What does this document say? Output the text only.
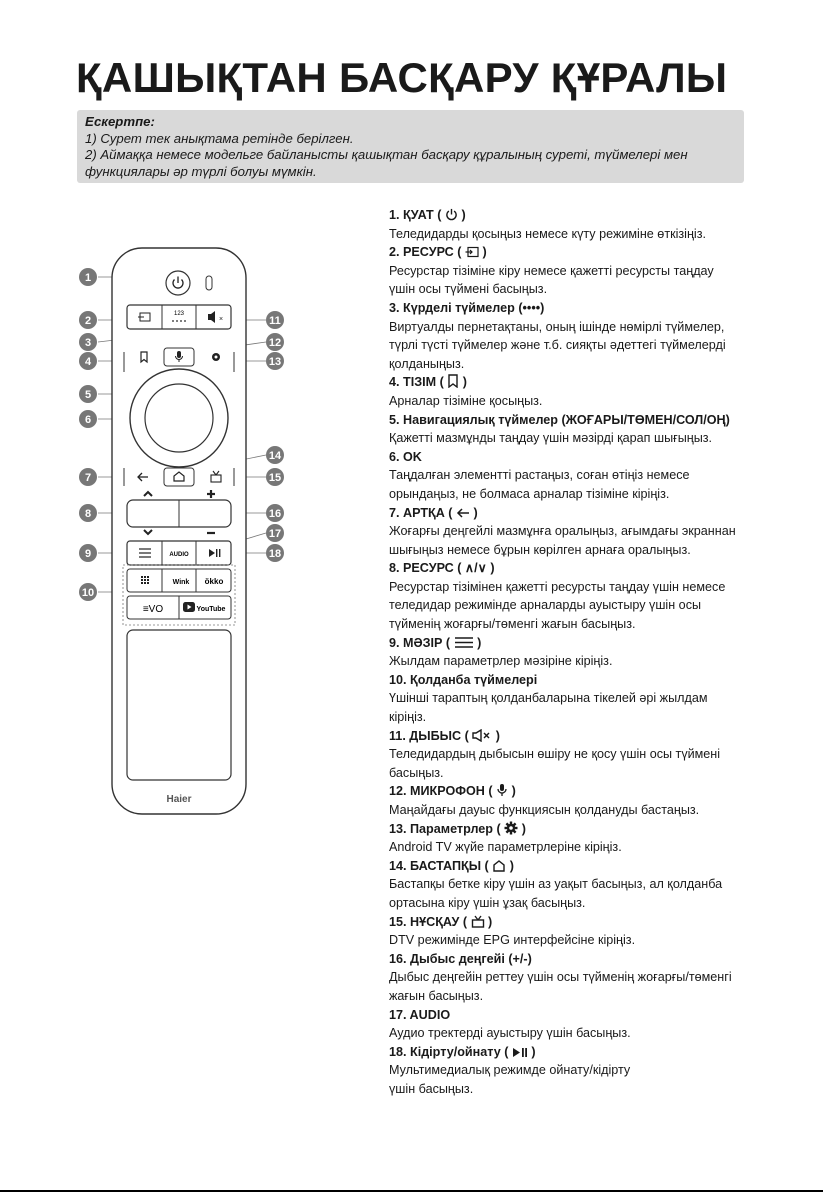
ҚАШЫҚТАН БАСҚАРУ ҚҰРАЛЫ
Ескертпе:
1) Сурет тек анықтама ретінде берілген.
2) Аймаққа немесе модельге байланысты қашықтан басқару құралының суреті, түймелері мен
функциялары әр түрлі болуы мүмкін.
123
×
AUDIO
Wink ökko
≡VO	YouTube
Haier
1
2
3
4
5
6
7
8
9
10
11
12
13
14
15
16
17
18
1. ҚУАТ ( )
Теледидарды қосыңыз немесе күту режиміне өткізіңіз.
2. РЕСУРС ( )
Ресурстар тізіміне кіру немесе қажетті ресурсты таңдау
үшін осы түймені басыңыз.
3. Күрделі түймелер (••••)
Виртуалды пернетақтаны, оның ішінде нөмірлі түймелер,
түрлі түсті түймелер және т.б. сияқты әдеттегі түймелерді
қолданыңыз.
4. ТІЗІМ ( )
Арналар тізіміне қосыңыз.
5. Навигациялық түймелер (ЖОҒАРЫ/ТӨМЕН/СОЛ/ОҢ)
Қажетті мазмұнды таңдау үшін мәзірді қарап шығыңыз.
6. OK
Таңдалған элементті растаңыз, соған өтіңіз немесе
орындаңыз, не болмаса арналар тізіміне кіріңіз.
7. АРТҚА ( )
Жоғарғы деңгейлі мазмұнға оралыңыз, ағымдағы экраннан
шығыңыз немесе бұрын көрілген арнаға оралыңыз.
8. РЕСУРС ( ∧/∨ )
Ресурстар тізімінен қажетті ресурсты таңдау үшін немесе
теледидар режимінде арналарды ауыстыру үшін осы
түйменің жоғарғы/төменгі жағын басыңыз.
9. МӘЗІР ( )
Жылдам параметрлер мәзіріне кіріңіз.
10. Қолданба түймелері
Үшінші тараптың қолданбаларына тікелей әрі жылдам
кіріңіз.
11. ДЫБЫС ( )
Теледидардың дыбысын өшіру не қосу үшін осы түймені
басыңыз.
12. МИКРОФОН ( )
Маңайдағы дауыс функциясын қолдануды бастаңыз.
13. Параметрлер ( )
Android TV жүйе параметрлеріне кіріңіз.
14. БАСТАПҚЫ ( )
Бастапқы бетке кіру үшін аз уақыт басыңыз, ал қолданба
ортасына кіру үшін ұзақ басыңыз.
15. НҰСҚАУ ( )
DTV режимінде EPG интерфейсіне кіріңіз.
16. Дыбыс деңгейі (+/-)
Дыбыс деңгейін реттеу үшін осы түйменің жоғарғы/төменгі
жағын басыңыз.
17. AUDIO
Аудио тректерді ауыстыру үшін басыңыз.
18. Кідірту/ойнату ( )
Мультимедиалық режимде ойнату/кідірту
үшін басыңыз.
